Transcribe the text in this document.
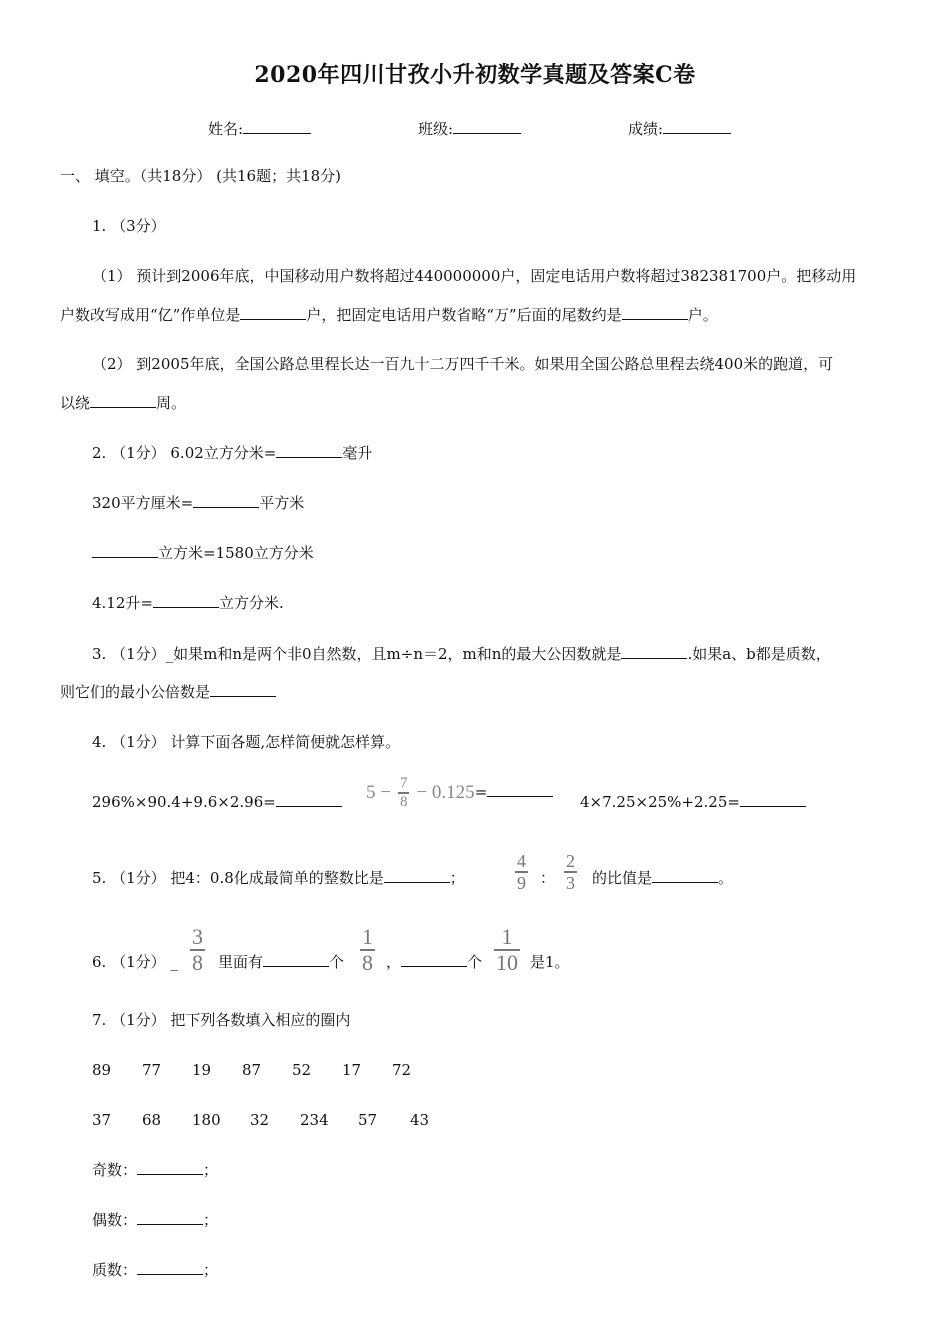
2020年四川甘孜小升初数学真题及答案C卷
姓名:	班级:	成绩:
一、 填空。（共18分） (共16题；共18分)
1. （3分）
（1） 预计到2006年底，中国移动用户数将超过440000000户，固定电话用户数将超过382381700户。把移动用
户数改写成用“亿”作单位是	户，把固定电话用户数省略“万”后面的尾数约是	户。
（2） 到2005年底，全国公路总里程长达一百九十二万四千千米。如果用全国公路总里程去绕400米的跑道，可
以绕	周。
2. （1分） 6.02立方分米=	毫升
320平方厘米=	平方米
立方米=1580立方分米
4.12升=	立方分米.
3. （1分）_如果m和n是两个非0自然数，且m÷n＝2，m和n的最大公因数就是	.如果a、b都是质数，
则它们的最小公倍数是
4. （1分） 计算下面各题,怎样简便就怎样算。
296%×90.4+9.6×2.96=	$5 - \frac{7}{8} - 0.125$ =
4×7.25×25%+2.25=
5. （1分） 把4：0.8化成最简单的整数比是	；	$\frac{4}{9}$ ： $\frac{2}{3}$ 的比值是	。
6. （1分） _ $\frac{3}{8}$ 里面有	个 $\frac{1}{8}$ ，	个 $\frac{1}{10}$ 是1。
7. （1分） 把下列各数填入相应的圈内
89 77 19 87 52 17 72
37 68 180 32 234 57 43
奇数：	；
偶数：	；
质数：	；
